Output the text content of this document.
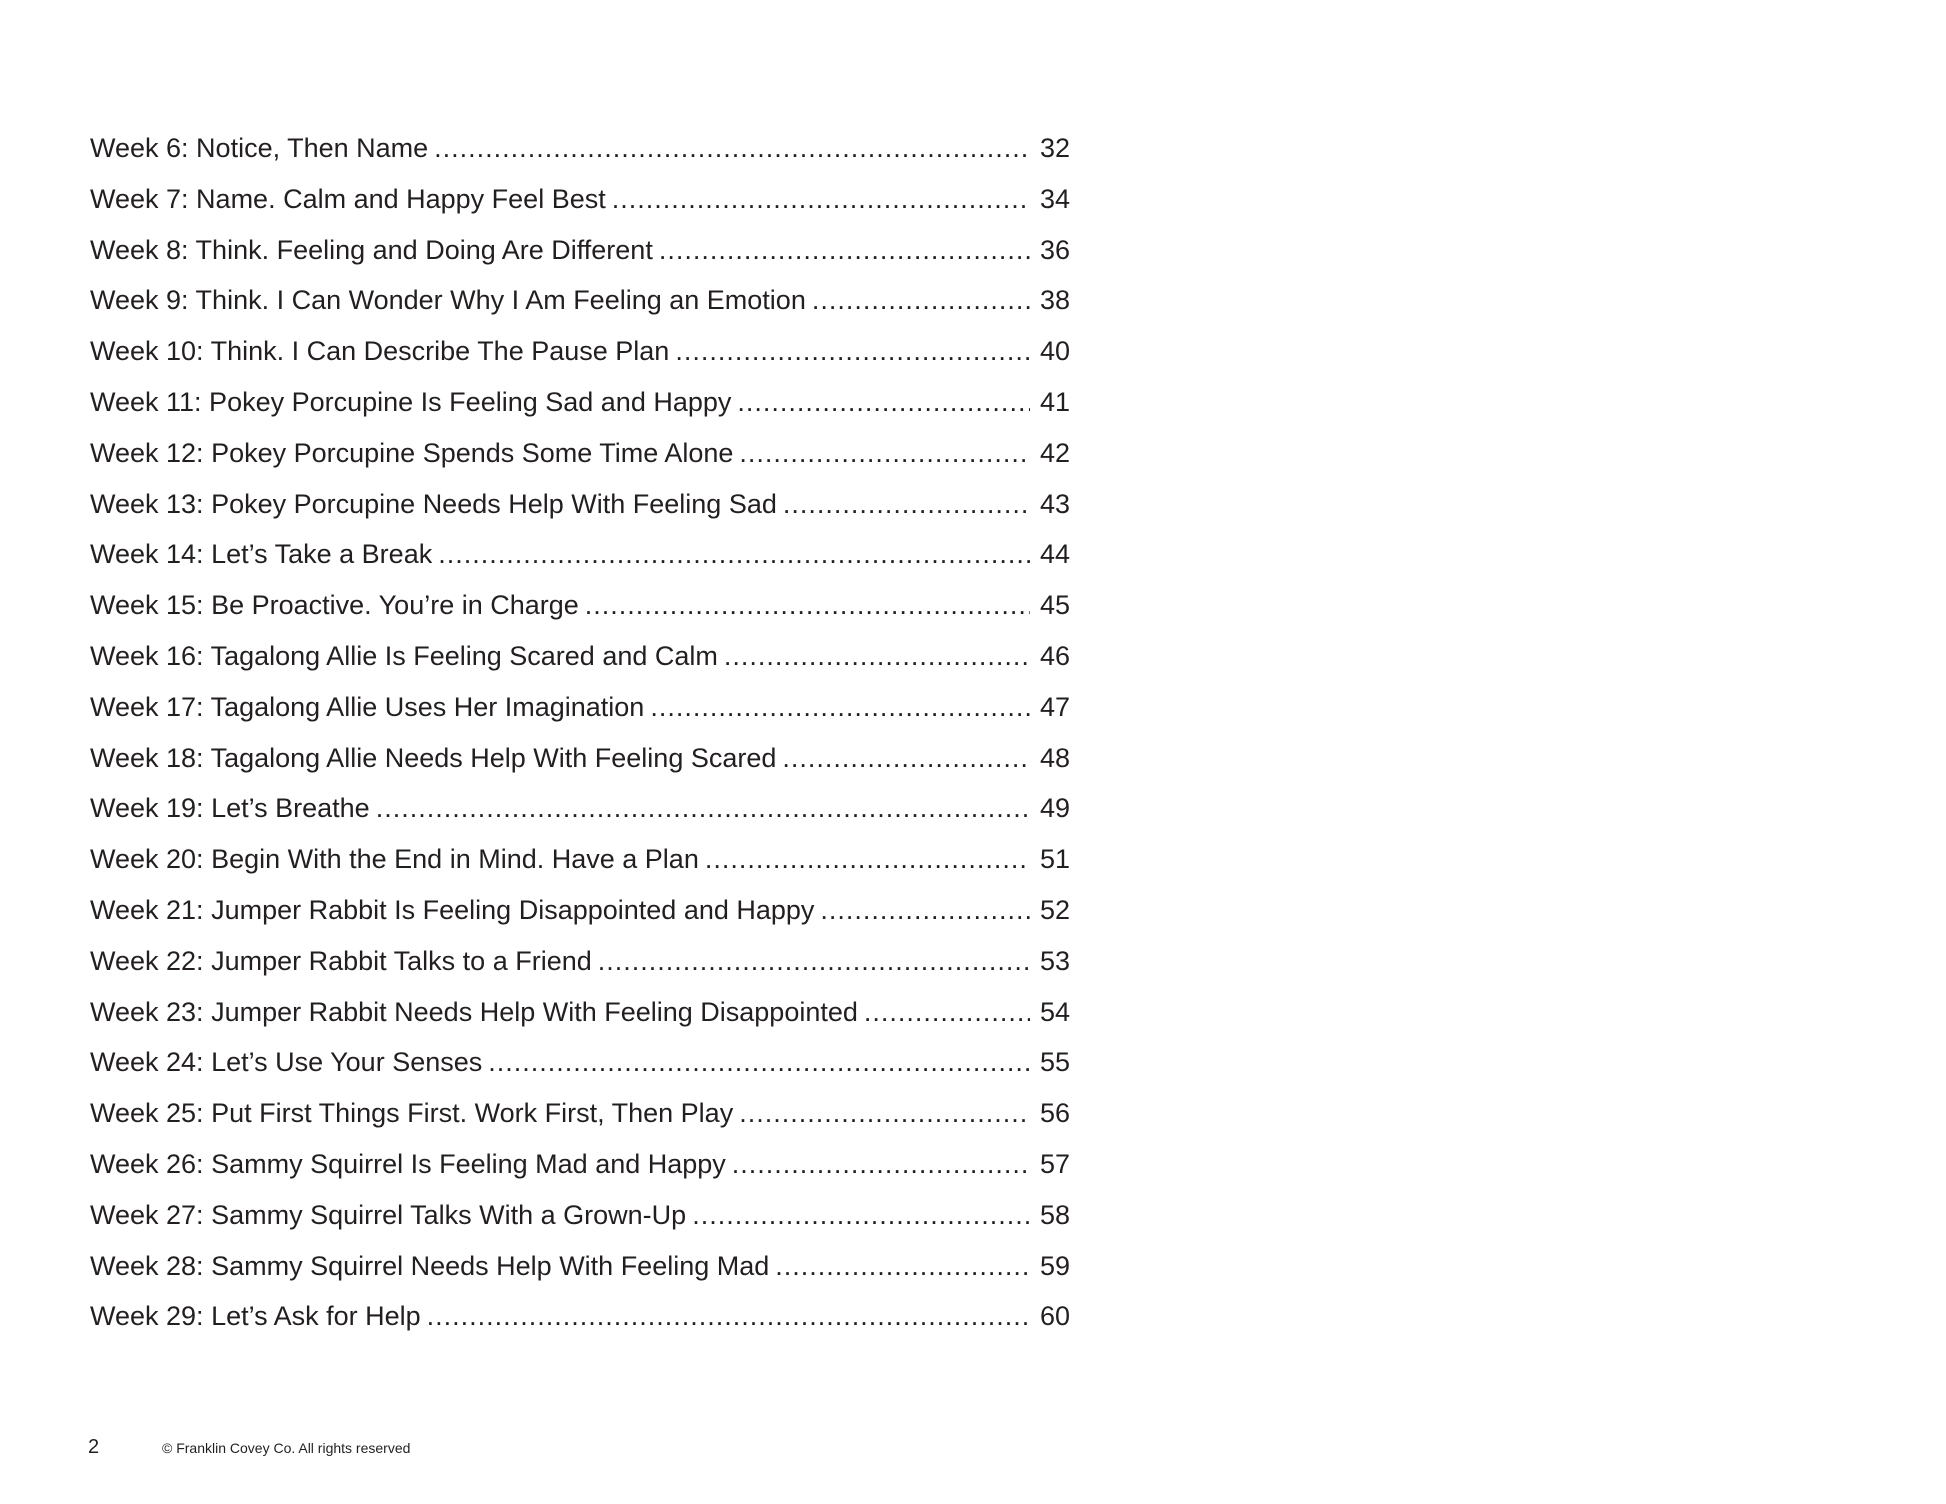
Week 6: Notice, Then Name .....	32
Week 7: Name. Calm and Happy Feel Best .....	34
Week 8: Think. Feeling and Doing Are Different .....	36
Week 9: Think. I Can Wonder Why I Am Feeling an Emotion .....	38
Week 10: Think. I Can Describe The Pause Plan .....	40
Week 11: Pokey Porcupine Is Feeling Sad and Happy .....	41
Week 12: Pokey Porcupine Spends Some Time Alone .....	42
Week 13: Pokey Porcupine Needs Help With Feeling Sad .....	43
Week 14: Let’s Take a Break .....	44
Week 15: Be Proactive. You’re in Charge .....	45
Week 16: Tagalong Allie Is Feeling Scared and Calm .....	46
Week 17: Tagalong Allie Uses Her Imagination .....	47
Week 18: Tagalong Allie Needs Help With Feeling Scared .....	48
Week 19: Let’s Breathe .....	49
Week 20: Begin With the End in Mind. Have a Plan .....	51
Week 21: Jumper Rabbit Is Feeling Disappointed and Happy .....	52
Week 22: Jumper Rabbit Talks to a Friend .....	53
Week 23: Jumper Rabbit Needs Help With Feeling Disappointed .....	54
Week 24: Let’s Use Your Senses .....	55
Week 25: Put First Things First. Work First, Then Play .....	56
Week 26: Sammy Squirrel Is Feeling Mad and Happy .....	57
Week 27: Sammy Squirrel Talks With a Grown-Up .....	58
Week 28: Sammy Squirrel Needs Help With Feeling Mad .....	59
Week 29: Let’s Ask for Help .....	60
2	© Franklin Covey Co. All rights reserved
